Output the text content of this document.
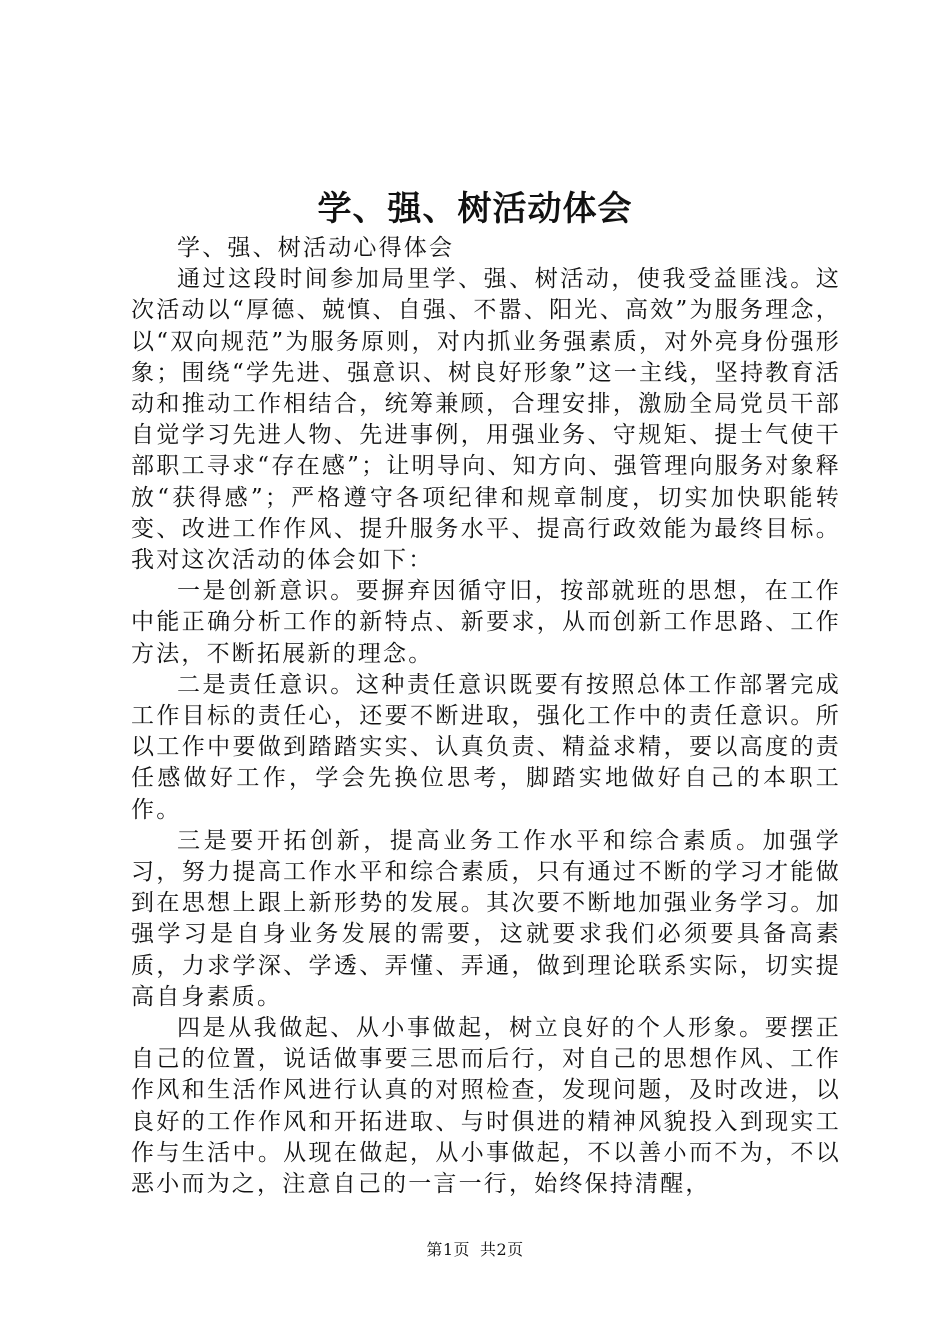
学、强、树活动体会

学、强、树活动心得体会

通过这段时间参加局里学、强、树活动，使我受益匪浅。这次活动以“厚德、兢慎、自强、不嚣、阳光、高效”为服务理念，以“双向规范”为服务原则，对内抓业务强素质，对外亮身份强形象；围绕“学先进、强意识、树良好形象”这一主线，坚持教育活动和推动工作相结合，统筹兼顾，合理安排，激励全局党员干部自觉学习先进人物、先进事例，用强业务、守规矩、提士气使干部职工寻求“存在感”；让明导向、知方向、强管理向服务对象释放“获得感”；严格遵守各项纪律和规章制度，切实加快职能转变、改进工作作风、提升服务水平、提高行政效能为最终目标。我对这次活动的体会如下：

一是创新意识。要摒弃因循守旧，按部就班的思想，在工作中能正确分析工作的新特点、新要求，从而创新工作思路、工作方法，不断拓展新的理念。

二是责任意识。这种责任意识既要有按照总体工作部署完成工作目标的责任心，还要不断进取，强化工作中的责任意识。所以工作中要做到踏踏实实、认真负责、精益求精，要以高度的责任感做好工作，学会先换位思考，脚踏实地做好自己的本职工作。

三是要开拓创新，提高业务工作水平和综合素质。加强学习，努力提高工作水平和综合素质，只有通过不断的学习才能做到在思想上跟上新形势的发展。其次要不断地加强业务学习。加强学习是自身业务发展的需要，这就要求我们必须要具备高素质，力求学深、学透、弄懂、弄通，做到理论联系实际，切实提高自身素质。

四是从我做起、从小事做起，树立良好的个人形象。要摆正自己的位置，说话做事要三思而后行，对自己的思想作风、工作作风和生活作风进行认真的对照检查，发现问题，及时改进，以良好的工作作风和开拓进取、与时俱进的精神风貌投入到现实工作与生活中。从现在做起，从小事做起，不以善小而不为，不以恶小而为之，注意自己的一言一行，始终保持清醒，

第1页 共2页
